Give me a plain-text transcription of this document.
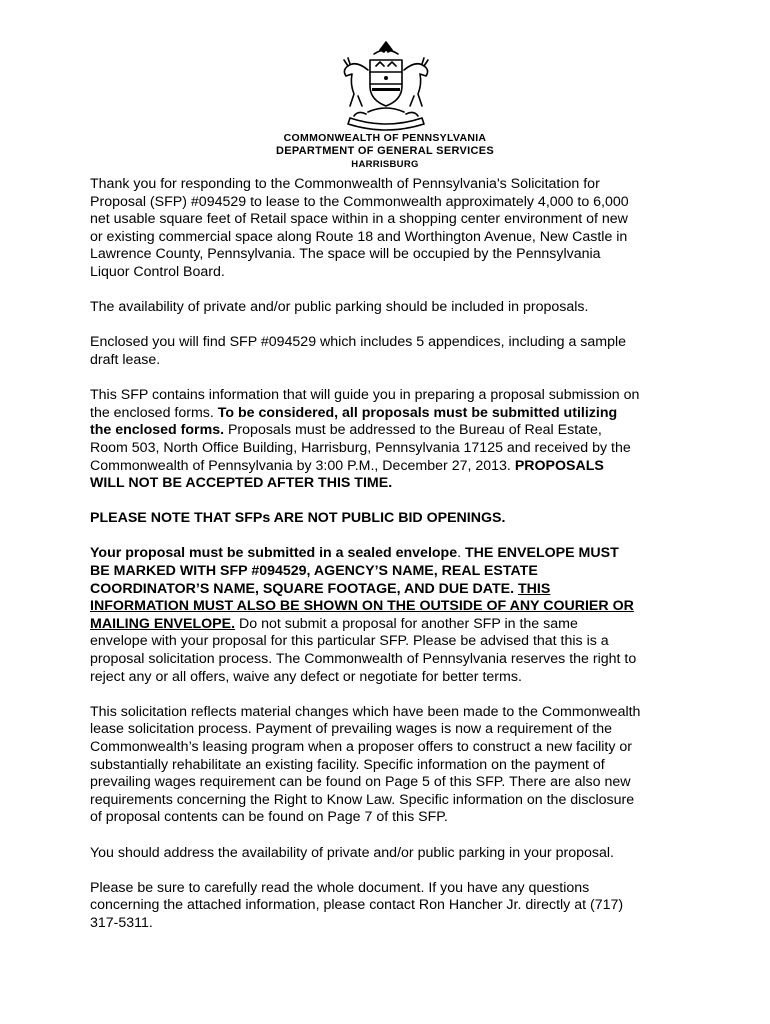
COMMONWEALTH OF PENNSYLVANIA
DEPARTMENT OF GENERAL SERVICES
HARRISBURG

Thank you for responding to the Commonwealth of Pennsylvania's Solicitation for
Proposal (SFP) #094529 to lease to the Commonwealth approximately 4,000 to 6,000
net usable square feet of Retail space within in a shopping center environment of new
or existing commercial space along Route 18 and Worthington Avenue, New Castle in
Lawrence County, Pennsylvania. The space will be occupied by the Pennsylvania
Liquor Control Board.

The availability of private and/or public parking should be included in proposals.

Enclosed you will find SFP #094529 which includes 5 appendices, including a sample
draft lease.

This SFP contains information that will guide you in preparing a proposal submission on
the enclosed forms. To be considered, all proposals must be submitted utilizing
the enclosed forms. Proposals must be addressed to the Bureau of Real Estate,
Room 503, North Office Building, Harrisburg, Pennsylvania 17125 and received by the
Commonwealth of Pennsylvania by 3:00 P.M., December 27, 2013. PROPOSALS
WILL NOT BE ACCEPTED AFTER THIS TIME.

PLEASE NOTE THAT SFPs ARE NOT PUBLIC BID OPENINGS.

Your proposal must be submitted in a sealed envelope. THE ENVELOPE MUST
BE MARKED WITH SFP #094529, AGENCY’S NAME, REAL ESTATE
COORDINATOR’S NAME, SQUARE FOOTAGE, AND DUE DATE. THIS
INFORMATION MUST ALSO BE SHOWN ON THE OUTSIDE OF ANY COURIER OR
MAILING ENVELOPE. Do not submit a proposal for another SFP in the same
envelope with your proposal for this particular SFP. Please be advised that this is a
proposal solicitation process. The Commonwealth of Pennsylvania reserves the right to
reject any or all offers, waive any defect or negotiate for better terms.

This solicitation reflects material changes which have been made to the Commonwealth
lease solicitation process. Payment of prevailing wages is now a requirement of the
Commonwealth’s leasing program when a proposer offers to construct a new facility or
substantially rehabilitate an existing facility. Specific information on the payment of
prevailing wages requirement can be found on Page 5 of this SFP. There are also new
requirements concerning the Right to Know Law. Specific information on the disclosure
of proposal contents can be found on Page 7 of this SFP.

You should address the availability of private and/or public parking in your proposal.

Please be sure to carefully read the whole document. If you have any questions
concerning the attached information, please contact Ron Hancher Jr. directly at (717)
317-5311.
